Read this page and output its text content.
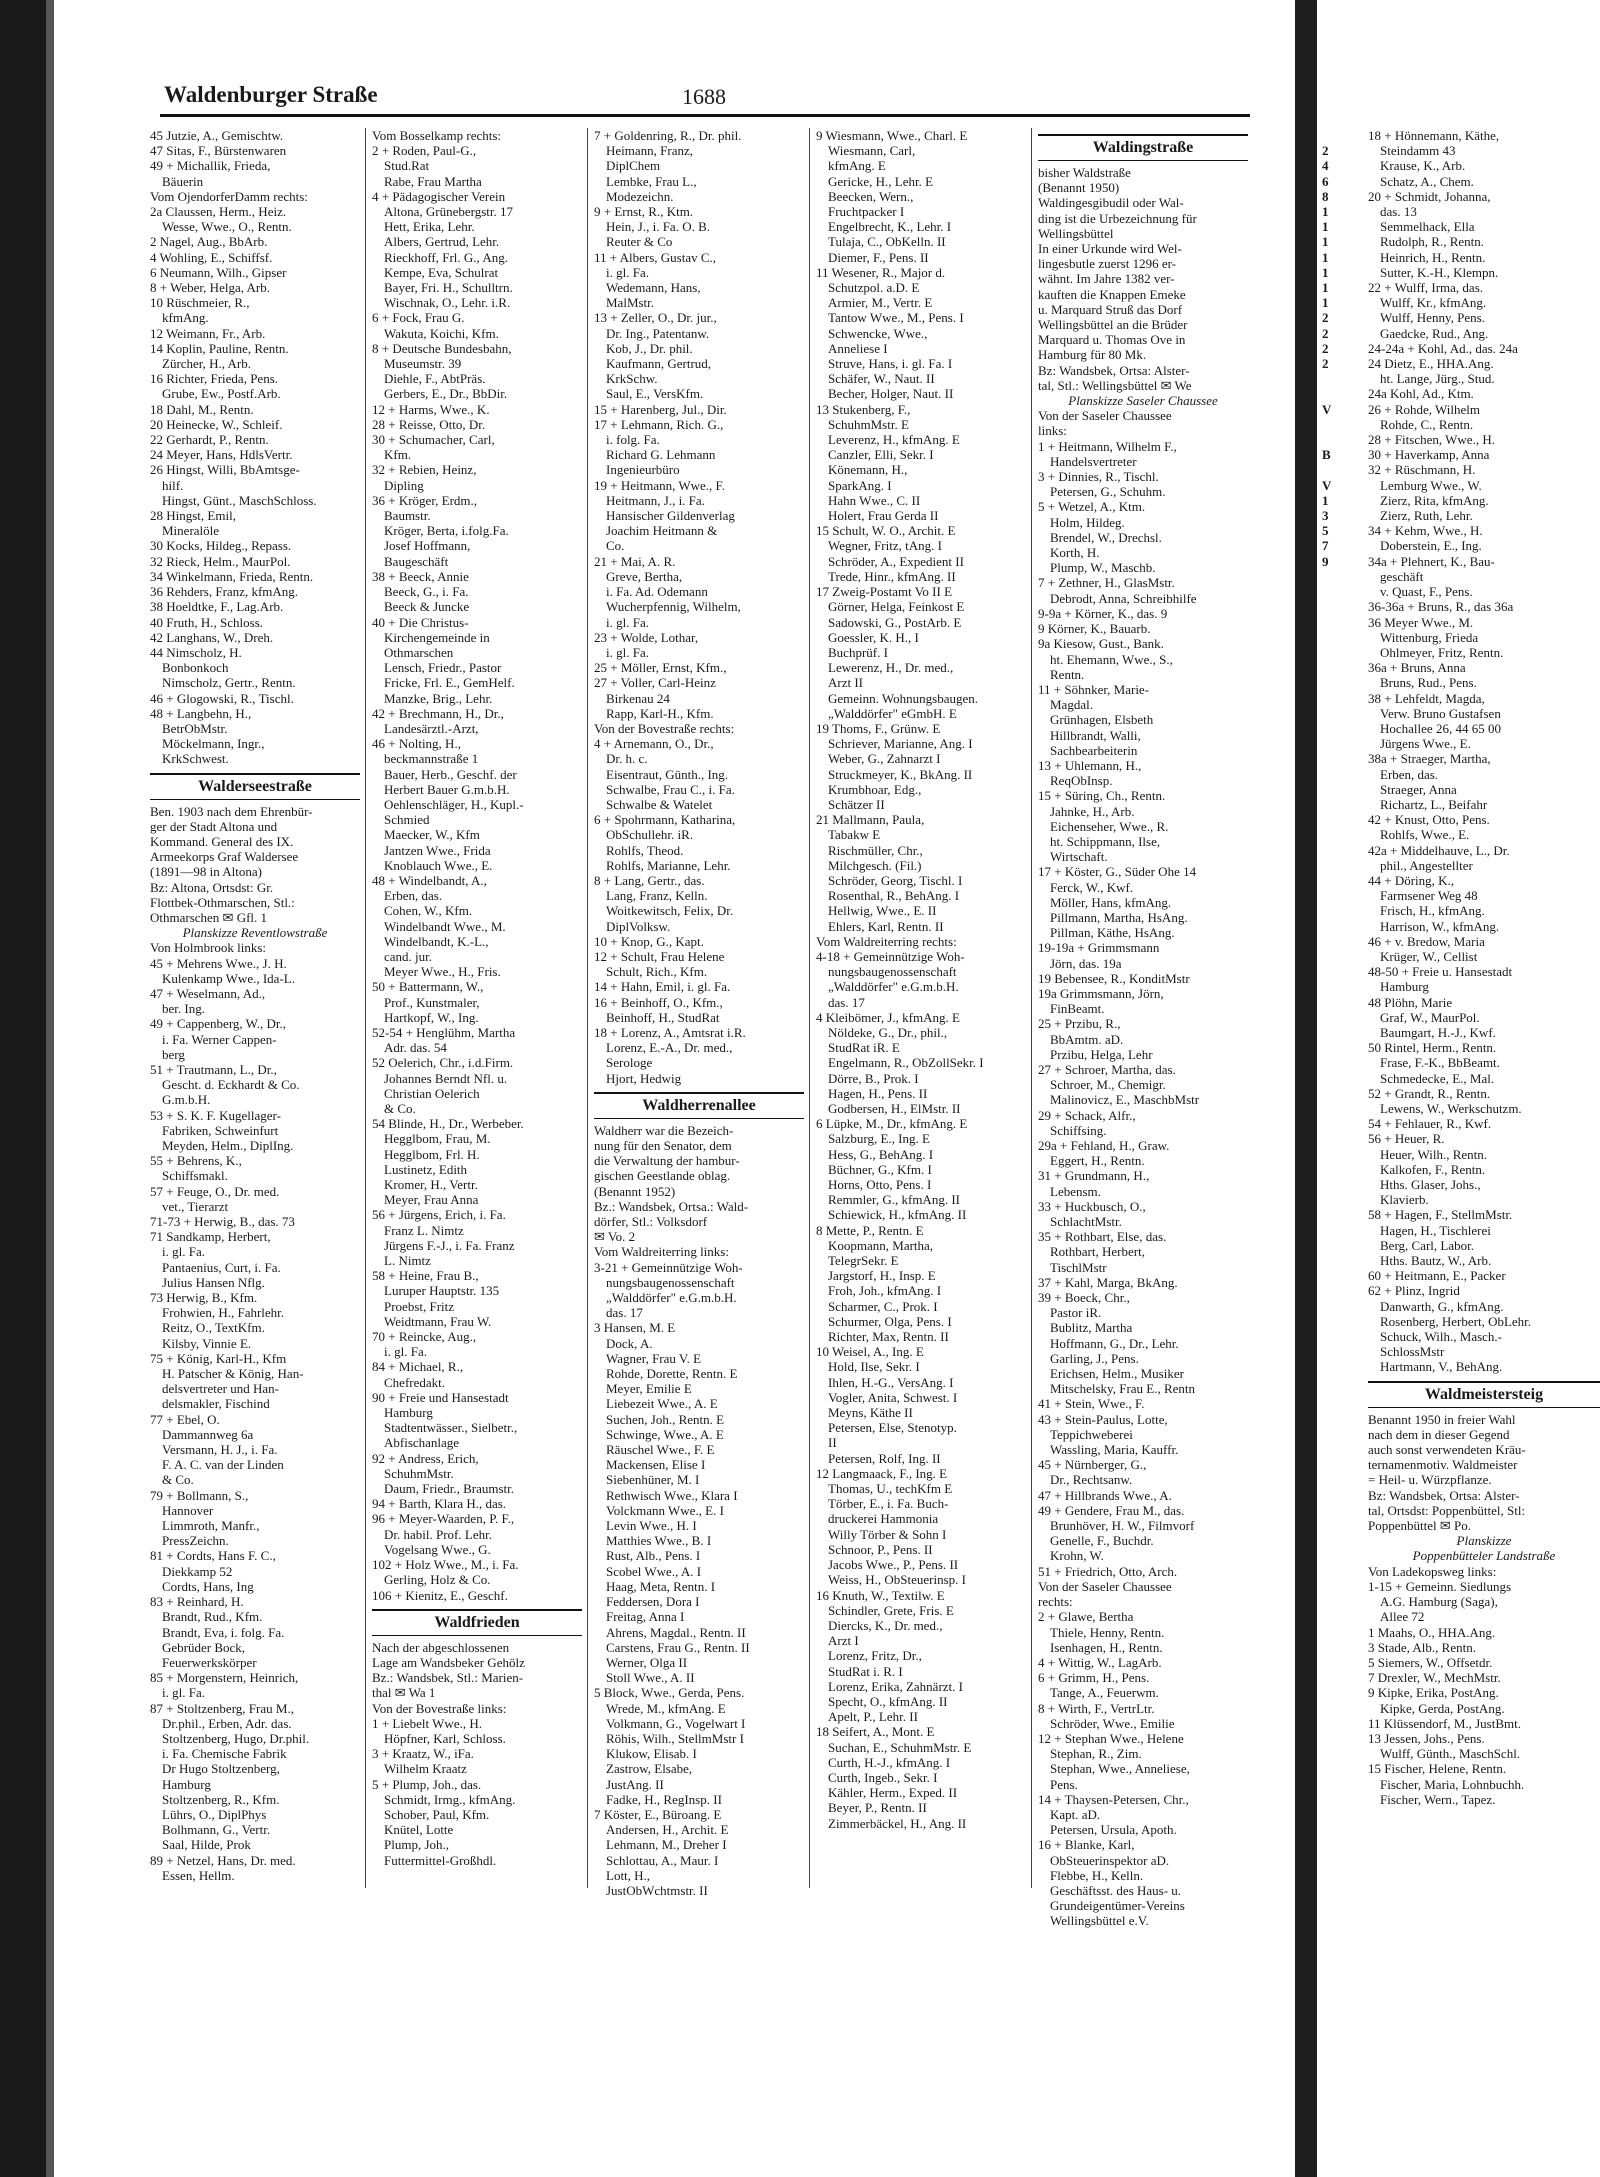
Waldenburger Straße	1688
45 Jutzie, A., Gemischtw.
47 Sitas, F., Bürstenwaren
49 + Michallik, Frieda,
Bäuerin
Vom OjendorferDamm rechts:
2a Claussen, Herm., Heiz.
Wesse, Wwe., O., Rentn.
2 Nagel, Aug., BbArb.
4 Wohling, E., Schiffsf.
6 Neumann, Wilh., Gipser
8 + Weber, Helga, Arb.
10 Rüschmeier, R.,
kfmAng.
12 Weimann, Fr., Arb.
14 Koplin, Pauline, Rentn.
Zürcher, H., Arb.
16 Richter, Frieda, Pens.
Grube, Ew., Postf.Arb.
18 Dahl, M., Rentn.
20 Heinecke, W., Schleif.
22 Gerhardt, P., Rentn.
24 Meyer, Hans, HdlsVertr.
26 Hingst, Willi, BbAmtsge-
hilf.
Hingst, Günt., MaschSchloss.
28 Hingst, Emil,
Mineralöle
30 Kocks, Hildeg., Repass.
32 Rieck, Helm., MaurPol.
34 Winkelmann, Frieda, Rentn.
36 Rehders, Franz, kfmAng.
38 Hoeldtke, F., Lag.Arb.
40 Fruth, H., Schloss.
42 Langhans, W., Dreh.
44 Nimscholz, H.
Bonbonkoch
Nimscholz, Gertr., Rentn.
46 + Glogowski, R., Tischl.
48 + Langbehn, H.,
BetrObMstr.
Möckelmann, Ingr.,
KrkSchwest.
Walderseestraße
Ben. 1903 nach dem Ehrenbür-
ger der Stadt Altona und
Kommand. General des IX.
Armeekorps Graf Waldersee
(1891—98 in Altona)
Bz: Altona, Ortsdst: Gr.
Flottbek-Othmarschen, Stl.:
Othmarschen ✉ Gfl. 1
Planskizze Reventlowstraße
Von Holmbrook links:
45 + Mehrens Wwe., J. H.
Kulenkamp Wwe., Ida-L.
47 + Weselmann, Ad.,
ber. Ing.
49 + Cappenberg, W., Dr.,
i. Fa. Werner Cappen-
berg
51 + Trautmann, L., Dr.,
Gescht. d. Eckhardt & Co.
G.m.b.H.
53 + S. K. F. Kugellager-
Fabriken, Schweinfurt
Meyden, Helm., DiplIng.
55 + Behrens, K.,
Schiffsmakl.
57 + Feuge, O., Dr. med.
vet., Tierarzt
71-73 + Herwig, B., das. 73
71 Sandkamp, Herbert,
i. gl. Fa.
Pantaenius, Curt, i. Fa.
Julius Hansen Nflg.
73 Herwig, B., Kfm.
Frohwien, H., Fahrlehr.
Reitz, O., TextKfm.
Kilsby, Vinnie E.
75 + König, Karl-H., Kfm
H. Patscher & König, Han-
delsvertreter und Han-
delsmakler, Fischind
77 + Ebel, O.
Dammannweg 6a
Versmann, H. J., i. Fa.
F. A. C. van der Linden
& Co.
79 + Bollmann, S.,
Hannover
Limmroth, Manfr.,
PressZeichn.
81 + Cordts, Hans F. C.,
Diekkamp 52
Cordts, Hans, Ing
83 + Reinhard, H.
Brandt, Rud., Kfm.
Brandt, Eva, i. folg. Fa.
Gebrüder Bock,
Feuerwerkskörper
85 + Morgenstern, Heinrich,
i. gl. Fa.
87 + Stoltzenberg, Frau M.,
Dr.phil., Erben, Adr. das.
Stoltzenberg, Hugo, Dr.phil.
i. Fa. Chemische Fabrik
Dr Hugo Stoltzenberg,
Hamburg
Stoltzenberg, R., Kfm.
Lührs, O., DiplPhys
Bolhmann, G., Vertr.
Saal, Hilde, Prok
89 + Netzel, Hans, Dr. med.
Essen, Hellm.
Vom Bosselkamp rechts:
2 + Roden, Paul-G.,
Stud.Rat
Rabe, Frau Martha
4 + Pädagogischer Verein
Altona, Grünebergstr. 17
Hett, Erika, Lehr.
Albers, Gertrud, Lehr.
Rieckhoff, Frl. G., Ang.
Kempe, Eva, Schulrat
Bayer, Fri. H., Schulltrn.
Wischnak, O., Lehr. i.R.
6 + Fock, Frau G.
Wakuta, Koichi, Kfm.
8 + Deutsche Bundesbahn,
Museumstr. 39
Diehle, F., AbtPräs.
Gerbers, E., Dr., BbDir.
12 + Harms, Wwe., K.
28 + Reisse, Otto, Dr.
30 + Schumacher, Carl,
Kfm.
32 + Rebien, Heinz,
Dipling
36 + Kröger, Erdm.,
Baumstr.
Kröger, Berta, i.folg.Fa.
Josef Hoffmann,
Baugeschäft
38 + Beeck, Annie
Beeck, G., i. Fa.
Beeck & Juncke
40 + Die Christus-
Kirchengemeinde in
Othmarschen
Lensch, Friedr., Pastor
Fricke, Frl. E., GemHelf.
Manzke, Brig., Lehr.
42 + Brechmann, H., Dr.,
Landesärztl.-Arzt,
46 + Nolting, H.,
beckmannstraße 1
Bauer, Herb., Geschf. der
Herbert Bauer G.m.b.H.
Oehlenschläger, H., Kupl.-
Schmied
Maecker, W., Kfm
Jantzen Wwe., Frida
Knoblauch Wwe., E.
48 + Windelbandt, A.,
Erben, das.
Cohen, W., Kfm.
Windelbandt Wwe., M.
Windelbandt, K.-L.,
cand. jur.
Meyer Wwe., H., Fris.
50 + Battermann, W.,
Prof., Kunstmaler,
Hartkopf, W., Ing.
52-54 + Henglühm, Martha
Adr. das. 54
52 Oelerich, Chr., i.d.Firm.
Johannes Berndt Nfl. u.
Christian Oelerich
& Co.
54 Blinde, H., Dr., Werbeber.
Hegglbom, Frau, M.
Hegglbom, Frl. H.
Lustinetz, Edith
Kromer, H., Vertr.
Meyer, Frau Anna
56 + Jürgens, Erich, i. Fa.
Franz L. Nimtz
Jürgens F.-J., i. Fa. Franz
L. Nimtz
58 + Heine, Frau B.,
Luruper Hauptstr. 135
Proebst, Fritz
Weidtmann, Frau W.
70 + Reincke, Aug.,
i. gl. Fa.
84 + Michael, R.,
Chefredakt.
90 + Freie und Hansestadt
Hamburg
Stadtentwässer., Sielbetr.,
Abfischanlage
92 + Andress, Erich,
SchuhmMstr.
Daum, Friedr., Braumstr.
94 + Barth, Klara H., das.
96 + Meyer-Waarden, P. F.,
Dr. habil. Prof. Lehr.
Vogelsang Wwe., G.
102 + Holz Wwe., M., i. Fa.
Gerling, Holz & Co.
106 + Kienitz, E., Geschf.
Waldfrieden
Nach der abgeschlossenen
Lage am Wandsbeker Gehölz
Bz.: Wandsbek, Stl.: Marien-
thal ✉ Wa 1
Von der Bovestraße links:
1 + Liebelt Wwe., H.
Höpfner, Karl, Schloss.
3 + Kraatz, W., iFa.
Wilhelm Kraatz
5 + Plump, Joh., das.
Schmidt, Irmg., kfmAng.
Schober, Paul, Kfm.
Knütel, Lotte
Plump, Joh.,
Futtermittel-Großhdl.
7 + Goldenring, R., Dr. phil.
Heimann, Franz,
DiplChem
Lembke, Frau L.,
Modezeichn.
9 + Ernst, R., Ktm.
Hein, J., i. Fa. O. B.
Reuter & Co
11 + Albers, Gustav C.,
i. gl. Fa.
Wedemann, Hans,
MalMstr.
13 + Zeller, O., Dr. jur.,
Dr. Ing., Patentanw.
Kob, J., Dr. phil.
Kaufmann, Gertrud,
KrkSchw.
Saul, E., VersKfm.
15 + Harenberg, Jul., Dir.
17 + Lehmann, Rich. G.,
i. folg. Fa.
Richard G. Lehmann
Ingenieurbüro
19 + Heitmann, Wwe., F.
Heitmann, J., i. Fa.
Hansischer Gildenverlag
Joachim Heitmann &
Co.
21 + Mai, A. R.
Greve, Bertha,
i. Fa. Ad. Odemann
Wucherpfennig, Wilhelm,
i. gl. Fa.
23 + Wolde, Lothar,
i. gl. Fa.
25 + Möller, Ernst, Kfm.,
27 + Voller, Carl-Heinz
Birkenau 24
Rapp, Karl-H., Kfm.
Von der Bovestraße rechts:
4 + Arnemann, O., Dr.,
Dr. h. c.
Eisentraut, Günth., Ing.
Schwalbe, Frau C., i. Fa.
Schwalbe & Watelet
6 + Spohrmann, Katharina,
ObSchullehr. iR.
Rohlfs, Theod.
Rohlfs, Marianne, Lehr.
8 + Lang, Gertr., das.
Lang, Franz, Kelln.
Woitkewitsch, Felix, Dr.
DiplVolksw.
10 + Knop, G., Kapt.
12 + Schult, Frau Helene
Schult, Rich., Kfm.
14 + Hahn, Emil, i. gl. Fa.
16 + Beinhoff, O., Kfm.,
Beinhoff, H., StudRat
18 + Lorenz, A., Amtsrat i.R.
Lorenz, E.-A., Dr. med.,
Serologe
Hjort, Hedwig
Waldherrenallee
Waldherr war die Bezeich-
nung für den Senator, dem
die Verwaltung der hambur-
gischen Geestlande oblag.
(Benannt 1952)
Bz.: Wandsbek, Ortsa.: Wald-
dörfer, Stl.: Volksdorf
✉ Vo. 2
Vom Waldreiterring links:
3-21 + Gemeinnützige Woh-
nungsbaugenossenschaft
„Walddörfer" e.G.m.b.H.
das. 17
3 Hansen, M. E
Dock, A.
Wagner, Frau V. E
Rohde, Dorette, Rentn. E
Meyer, Emilie E
Liebezeit Wwe., A. E
Suchen, Joh., Rentn. E
Schwinge, Wwe., A. E
Räuschel Wwe., F. E
Mackensen, Elise I
Siebenhüner, M. I
Rethwisch Wwe., Klara I
Volckmann Wwe., E. I
Levin Wwe., H. I
Matthies Wwe., B. I
Rust, Alb., Pens. I
Scobel Wwe., A. I
Haag, Meta, Rentn. I
Feddersen, Dora I
Freitag, Anna I
Ahrens, Magdal., Rentn. II
Carstens, Frau G., Rentn. II
Werner, Olga II
Stoll Wwe., A. II
5 Block, Wwe., Gerda, Pens.
Wrede, M., kfmAng. E
Volkmann, G., Vogelwart I
Röhis, Wilh., StellmMstr I
Klukow, Elisab. I
Zastrow, Elsabe,
JustAng. II
Fadke, H., RegInsp. II
7 Köster, E., Büroang. E
Andersen, H., Archit. E
Lehmann, M., Dreher I
Schlottau, A., Maur. I
Lott, H.,
JustObWchtmstr. II
9 Wiesmann, Wwe., Charl. E
Wiesmann, Carl,
kfmAng. E
Gericke, H., Lehr. E
Beecken, Wern.,
Fruchtpacker I
Engelbrecht, K., Lehr. I
Tulaja, C., ObKelln. II
Diemer, F., Pens. II
11 Wesener, R., Major d.
Schutzpol. a.D. E
Armier, M., Vertr. E
Tantow Wwe., M., Pens. I
Schwencke, Wwe.,
Anneliese I
Struve, Hans, i. gl. Fa. I
Schäfer, W., Naut. II
Becher, Holger, Naut. II
13 Stukenberg, F.,
SchuhmMstr. E
Leverenz, H., kfmAng. E
Canzler, Elli, Sekr. I
Könemann, H.,
SparkAng. I
Hahn Wwe., C. II
Holert, Frau Gerda II
15 Schult, W. O., Archit. E
Wegner, Fritz, tAng. I
Schröder, A., Expedient II
Trede, Hinr., kfmAng. II
17 Zweig-Postamt Vo II E
Görner, Helga, Feinkost E
Sadowski, G., PostArb. E
Goessler, K. H., I
Buchprüf. I
Lewerenz, H., Dr. med.,
Arzt II
Gemeinn. Wohnungsbaugen.
„Walddörfer" eGmbH. E
19 Thoms, F., Grünw. E
Schriever, Marianne, Ang. I
Weber, G., Zahnarzt I
Struckmeyer, K., BkAng. II
Krumbhoar, Edg.,
Schätzer II
21 Mallmann, Paula,
Tabakw E
Rischmüller, Chr.,
Milchgesch. (Fil.)
Schröder, Georg, Tischl. I
Rosenthal, R., BehAng. I
Hellwig, Wwe., E. II
Ehlers, Karl, Rentn. II
Vom Waldreiterring rechts:
4-18 + Gemeinnützige Woh-
nungsbaugenossenschaft
„Walddörfer" e.G.m.b.H.
das. 17
4 Kleibömer, J., kfmAng. E
Nöldeke, G., Dr., phil.,
StudRat iR. E
Engelmann, R., ObZollSekr. I
Dörre, B., Prok. I
Hagen, H., Pens. II
Godbersen, H., ElMstr. II
6 Lüpke, M., Dr., kfmAng. E
Salzburg, E., Ing. E
Hess, G., BehAng. I
Büchner, G., Kfm. I
Horns, Otto, Pens. I
Remmler, G., kfmAng. II
Schiewick, H., kfmAng. II
8 Mette, P., Rentn. E
Koopmann, Martha,
TelegrSekr. E
Jargstorf, H., Insp. E
Froh, Joh., kfmAng. I
Scharmer, C., Prok. I
Schurmer, Olga, Pens. I
Richter, Max, Rentn. II
10 Weisel, A., Ing. E
Hold, Ilse, Sekr. I
Ihlen, H.-G., VersAng. I
Vogler, Anita, Schwest. I
Meyns, Käthe II
Petersen, Else, Stenotyp.
II
Petersen, Rolf, Ing. II
12 Langmaack, F., Ing. E
Thomas, U., techKfm E
Törber, E., i. Fa. Buch-
druckerei Hammonia
Willy Törber & Sohn I
Schnoor, P., Pens. II
Jacobs Wwe., P., Pens. II
Weiss, H., ObSteuerinsp. I
16 Knuth, W., Textilw. E
Schindler, Grete, Fris. E
Diercks, K., Dr. med.,
Arzt I
Lorenz, Fritz, Dr.,
StudRat i. R. I
Lorenz, Erika, Zahnärzt. I
Specht, O., kfmAng. II
Apelt, P., Lehr. II
18 Seifert, A., Mont. E
Suchan, E., SchuhmMstr. E
Curth, H.-J., kfmAng. I
Curth, Ingeb., Sekr. I
Kähler, Herm., Exped. II
Beyer, P., Rentn. II
Zimmerbäckel, H., Ang. II
Waldingstraße
bisher Waldstraße
(Benannt 1950)
Waldingesgibudil oder Wal-
ding ist die Urbezeichnung für
Wellingsbüttel
In einer Urkunde wird Wel-
lingesbutle zuerst 1296 er-
wähnt. Im Jahre 1382 ver-
kauften die Knappen Emeke
u. Marquard Struß das Dorf
Wellingsbüttel an die Brüder
Marquard u. Thomas Ove in
Hamburg für 80 Mk.
Bz: Wandsbek, Ortsa: Alster-
tal, Stl.: Wellingsbüttel ✉ We
Planskizze Saseler Chaussee
Von der Saseler Chaussee
links:
1 + Heitmann, Wilhelm F.,
Handelsvertreter
3 + Dinnies, R., Tischl.
Petersen, G., Schuhm.
5 + Wetzel, A., Ktm.
Holm, Hildeg.
Brendel, W., Drechsl.
Korth, H.
Plump, W., Maschb.
7 + Zethner, H., GlasMstr.
Debrodt, Anna, Schreibhilfe
9-9a + Körner, K., das. 9
9 Körner, K., Bauarb.
9a Kiesow, Gust., Bank.
ht. Ehemann, Wwe., S.,
Rentn.
11 + Söhnker, Marie-
Magdal.
Grünhagen, Elsbeth
Hillbrandt, Walli,
Sachbearbeiterin
13 + Uhlemann, H.,
ReqObInsp.
15 + Süring, Ch., Rentn.
Jahnke, H., Arb.
Eichenseher, Wwe., R.
ht. Schippmann, Ilse,
Wirtschaft.
17 + Köster, G., Süder Ohe 14
Ferck, W., Kwf.
Möller, Hans, kfmAng.
Pillmann, Martha, HsAng.
Pillman, Käthe, HsAng.
19-19a + Grimmsmann
Jörn, das. 19a
19 Bebensee, R., KonditMstr
19a Grimmsmann, Jörn,
FinBeamt.
25 + Przibu, R.,
BbAmtm. aD.
Przibu, Helga, Lehr
27 + Schroer, Martha, das.
Schroer, M., Chemigr.
Malinovicz, E., MaschbMstr
29 + Schack, Alfr.,
Schiffsing.
29a + Fehland, H., Graw.
Eggert, H., Rentn.
31 + Grundmann, H.,
Lebensm.
33 + Huckbusch, O.,
SchlachtMstr.
35 + Rothbart, Else, das.
Rothbart, Herbert,
TischlMstr
37 + Kahl, Marga, BkAng.
39 + Boeck, Chr.,
Pastor iR.
Bublitz, Martha
Hoffmann, G., Dr., Lehr.
Garling, J., Pens.
Erichsen, Helm., Musiker
Mitschelsky, Frau E., Rentn
41 + Stein, Wwe., F.
43 + Stein-Paulus, Lotte,
Teppichweberei
Wassling, Maria, Kauffr.
45 + Nürnberger, G.,
Dr., Rechtsanw.
47 + Hillbrands Wwe., A.
49 + Gendere, Frau M., das.
Brunhöver, H. W., Filmvorf
Genelle, F., Buchdr.
Krohn, W.
51 + Friedrich, Otto, Arch.
Von der Saseler Chaussee
rechts:
2 + Glawe, Bertha
Thiele, Henny, Rentn.
Isenhagen, H., Rentn.
4 + Wittig, W., LagArb.
6 + Grimm, H., Pens.
Tange, A., Feuerwm.
8 + Wirth, F., VertrLtr.
Schröder, Wwe., Emilie
12 + Stephan Wwe., Helene
Stephan, R., Zim.
Stephan, Wwe., Anneliese,
Pens.
14 + Thaysen-Petersen, Chr.,
Kapt. aD.
Petersen, Ursula, Apoth.
16 + Blanke, Karl,
ObSteuerinspektor aD.
Flebbe, H., Kelln.
Geschäftsst. des Haus- u.
Grundeigentümer-Vereins
Wellingsbüttel e.V.

2
4
6
8
1
1
1
1
1
1
1
2
2
2
2

V

B

V
1
3
5
7
9
18 + Hönnemann, Käthe,
Steindamm 43
Krause, K., Arb.
Schatz, A., Chem.
20 + Schmidt, Johanna,
das. 13
Semmelhack, Ella
Rudolph, R., Rentn.
Heinrich, H., Rentn.
Sutter, K.-H., Klempn.
22 + Wulff, Irma, das.
Wulff, Kr., kfmAng.
Wulff, Henny, Pens.
Gaedcke, Rud., Ang.
24-24a + Kohl, Ad., das. 24a
24 Dietz, E., HHA.Ang.
ht. Lange, Jürg., Stud.
24a Kohl, Ad., Ktm.
26 + Rohde, Wilhelm
Rohde, C., Rentn.
28 + Fitschen, Wwe., H.
30 + Haverkamp, Anna
32 + Rüschmann, H.
Lemburg Wwe., W.
Zierz, Rita, kfmAng.
Zierz, Ruth, Lehr.
34 + Kehm, Wwe., H.
Doberstein, E., Ing.
34a + Plehnert, K., Bau-
geschäft
v. Quast, F., Pens.
36-36a + Bruns, R., das 36a
36 Meyer Wwe., M.
Wittenburg, Frieda
Ohlmeyer, Fritz, Rentn.
36a + Bruns, Anna
Bruns, Rud., Pens.
38 + Lehfeldt, Magda,
Verw. Bruno Gustafsen
Hochallee 26, 44 65 00
Jürgens Wwe., E.
38a + Straeger, Martha,
Erben, das.
Straeger, Anna
Richartz, L., Beifahr
42 + Knust, Otto, Pens.
Rohlfs, Wwe., E.
42a + Middelhauve, L., Dr.
phil., Angestellter
44 + Döring, K.,
Farmsener Weg 48
Frisch, H., kfmAng.
Harrison, W., kfmAng.
46 + v. Bredow, Maria
Krüger, W., Cellist
48-50 + Freie u. Hansestadt
Hamburg
48 Plöhn, Marie
Graf, W., MaurPol.
Baumgart, H.-J., Kwf.
50 Rintel, Herm., Rentn.
Frase, F.-K., BbBeamt.
Schmedecke, E., Mal.
52 + Grandt, R., Rentn.
Lewens, W., Werkschutzm.
54 + Fehlauer, R., Kwf.
56 + Heuer, R.
Heuer, Wilh., Rentn.
Kalkofen, F., Rentn.
Hths. Glaser, Johs.,
Klavierb.
58 + Hagen, F., StellmMstr.
Hagen, H., Tischlerei
Berg, Carl, Labor.
Hths. Bautz, W., Arb.
60 + Heitmann, E., Packer
62 + Plinz, Ingrid
Danwarth, G., kfmAng.
Rosenberg, Herbert, ObLehr.
Schuck, Wilh., Masch.-
SchlossMstr
Hartmann, V., BehAng.
Waldmeistersteig
Benannt 1950 in freier Wahl
nach dem in dieser Gegend
auch sonst verwendeten Kräu-
ternamenmotiv. Waldmeister
= Heil- u. Würzpflanze.
Bz: Wandsbek, Ortsa: Alster-
tal, Ortsdst: Poppenbüttel, Stl:
Poppenbüttel ✉ Po.
Planskizze
Poppenbütteler Landstraße
Von Ladekopsweg links:
1-15 + Gemeinn. Siedlungs
A.G. Hamburg (Saga),
Allee 72
1 Maahs, O., HHA.Ang.
3 Stade, Alb., Rentn.
5 Siemers, W., Offsetdr.
7 Drexler, W., MechMstr.
9 Kipke, Erika, PostAng.
Kipke, Gerda, PostAng.
11 Klüssendorf, M., JustBmt.
13 Jessen, Johs., Pens.
Wulff, Günth., MaschSchl.
15 Fischer, Helene, Rentn.
Fischer, Maria, Lohnbuchh.
Fischer, Wern., Tapez.
